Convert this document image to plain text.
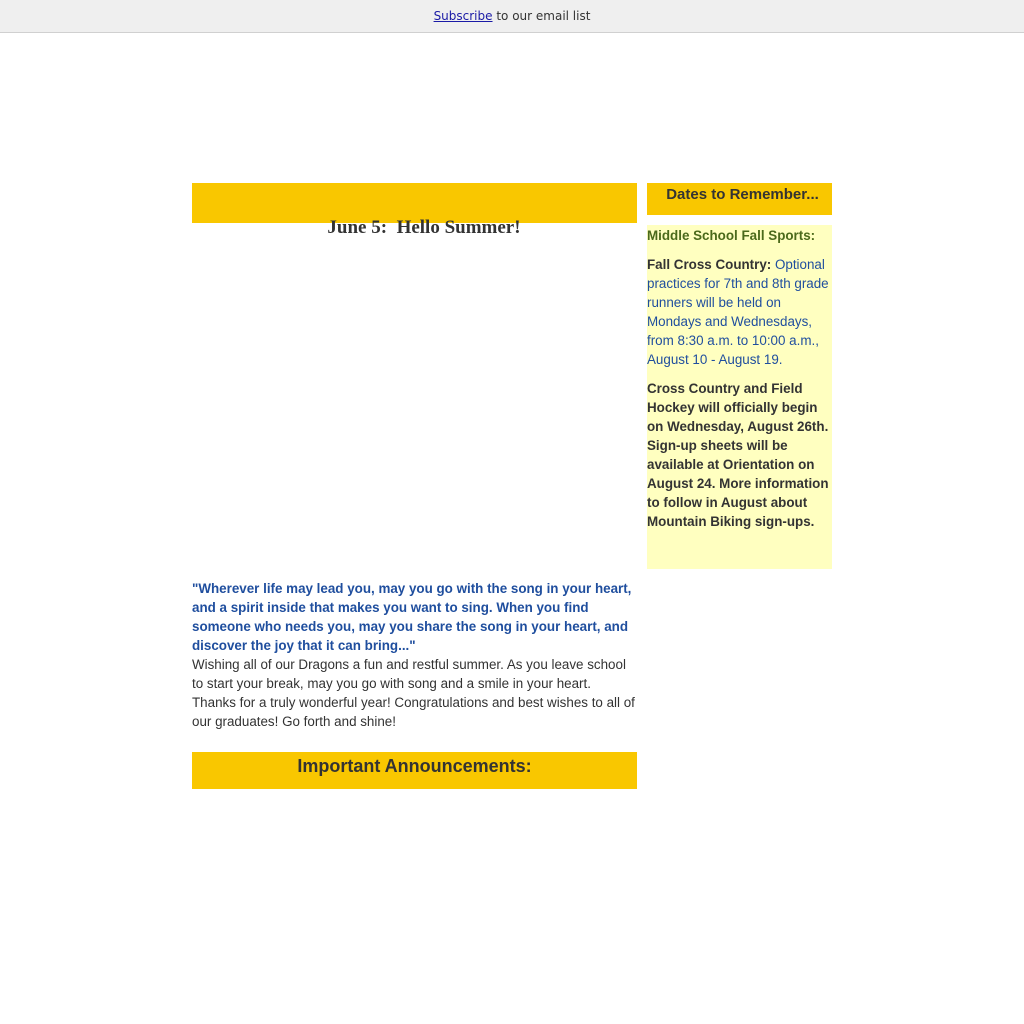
Subscribe to our email list

June 5:  Hello Summer!

"Wherever life may lead you, may you go with the song in your heart, and a spirit inside that makes you want to sing. When you find someone who needs you, may you share the song in your heart, and discover the joy that it can bring..."

Wishing all of our Dragons a fun and restful summer. As you leave school to start your break, may you go with song and a smile in your heart. Thanks for a truly wonderful year! Congratulations and best wishes to all of our graduates! Go forth and shine!

Important Announcements:
Dates to Remember...

Middle School Fall Sports:

Fall Cross Country: Optional practices for 7th and 8th grade runners will be held on Mondays and Wednesdays, from 8:30 a.m. to 10:00 a.m., August 10 - August 19.

Cross Country and Field Hockey will officially begin on Wednesday, August 26th. Sign-up sheets will be available at Orientation on August 24. More information to follow in August about Mountain Biking sign-ups.
